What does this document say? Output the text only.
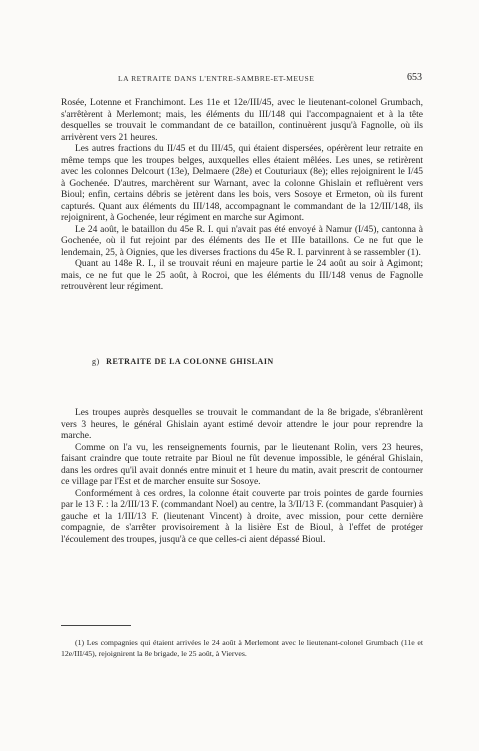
LA RETRAITE DANS L'ENTRE-SAMBRE-ET-MEUSE	653

Rosée, Lotenne et Franchimont. Les 11e et 12e/III/45, avec le lieutenant-colonel Grumbach, s'arrêtèrent à Merlemont; mais, les éléments du III/148 qui l'accompagnaient et à la tête desquelles se trouvait le commandant de ce bataillon, continuèrent jusqu'à Fagnolle, où ils arrivèrent vers 21 heures.

Les autres fractions du II/45 et du III/45, qui étaient dispersées, opérèrent leur retraite en même temps que les troupes belges, auxquelles elles étaient mêlées. Les unes, se retirèrent avec les colonnes Delcourt (13e), Delmaere (28e) et Couturiaux (8e); elles rejoignirent le I/45 à Gochenée. D'autres, marchèrent sur Warnant, avec la colonne Ghislain et refluèrent vers Bioul; enfin, certains débris se jetèrent dans les bois, vers Sosoye et Ermeton, où ils furent capturés. Quant aux éléments du III/148, accompagnant le commandant de la 12/III/148, ils rejoignirent, à Gochenée, leur régiment en marche sur Agimont.

Le 24 août, le bataillon du 45e R. I. qui n'avait pas été envoyé à Namur (I/45), cantonna à Gochenée, où il fut rejoint par des éléments des IIe et IIIe bataillons. Ce ne fut que le lendemain, 25, à Oignies, que les diverses fractions du 45e R. I. parvinrent à se rassembler (1).

Quant au 148e R. I., il se trouvait réuni en majeure partie le 24 août au soir à Agimont; mais, ce ne fut que le 25 août, à Rocroi, que les éléments du III/148 venus de Fagnolle retrouvèrent leur régiment.

g) RETRAITE DE LA COLONNE GHISLAIN

Les troupes auprès desquelles se trouvait le commandant de la 8e brigade, s'ébranlèrent vers 3 heures, le général Ghislain ayant estimé devoir attendre le jour pour reprendre la marche.

Comme on l'a vu, les renseignements fournis, par le lieutenant Rolin, vers 23 heures, faisant craindre que toute retraite par Bioul ne fût devenue impossible, le général Ghislain, dans les ordres qu'il avait donnés entre minuit et 1 heure du matin, avait prescrit de contourner ce village par l'Est et de marcher ensuite sur Sosoye.

Conformément à ces ordres, la colonne était couverte par trois pointes de garde fournies par le 13 F. : la 2/III/13 F. (commandant Noel) au centre, la 3/II/13 F. (commandant Pasquier) à gauche et la 1/III/13 F. (lieutenant Vincent) à droite, avec mission, pour cette dernière compagnie, de s'arrêter provisoirement à la lisière Est de Bioul, à l'effet de protéger l'écoulement des troupes, jusqu'à ce que celles-ci aient dépassé Bioul.

(1) Les compagnies qui étaient arrivées le 24 août à Merlemont avec le lieutenant-colonel Grumbach (11e et 12e/III/45), rejoignirent la 8e brigade, le 25 août, à Vierves.
